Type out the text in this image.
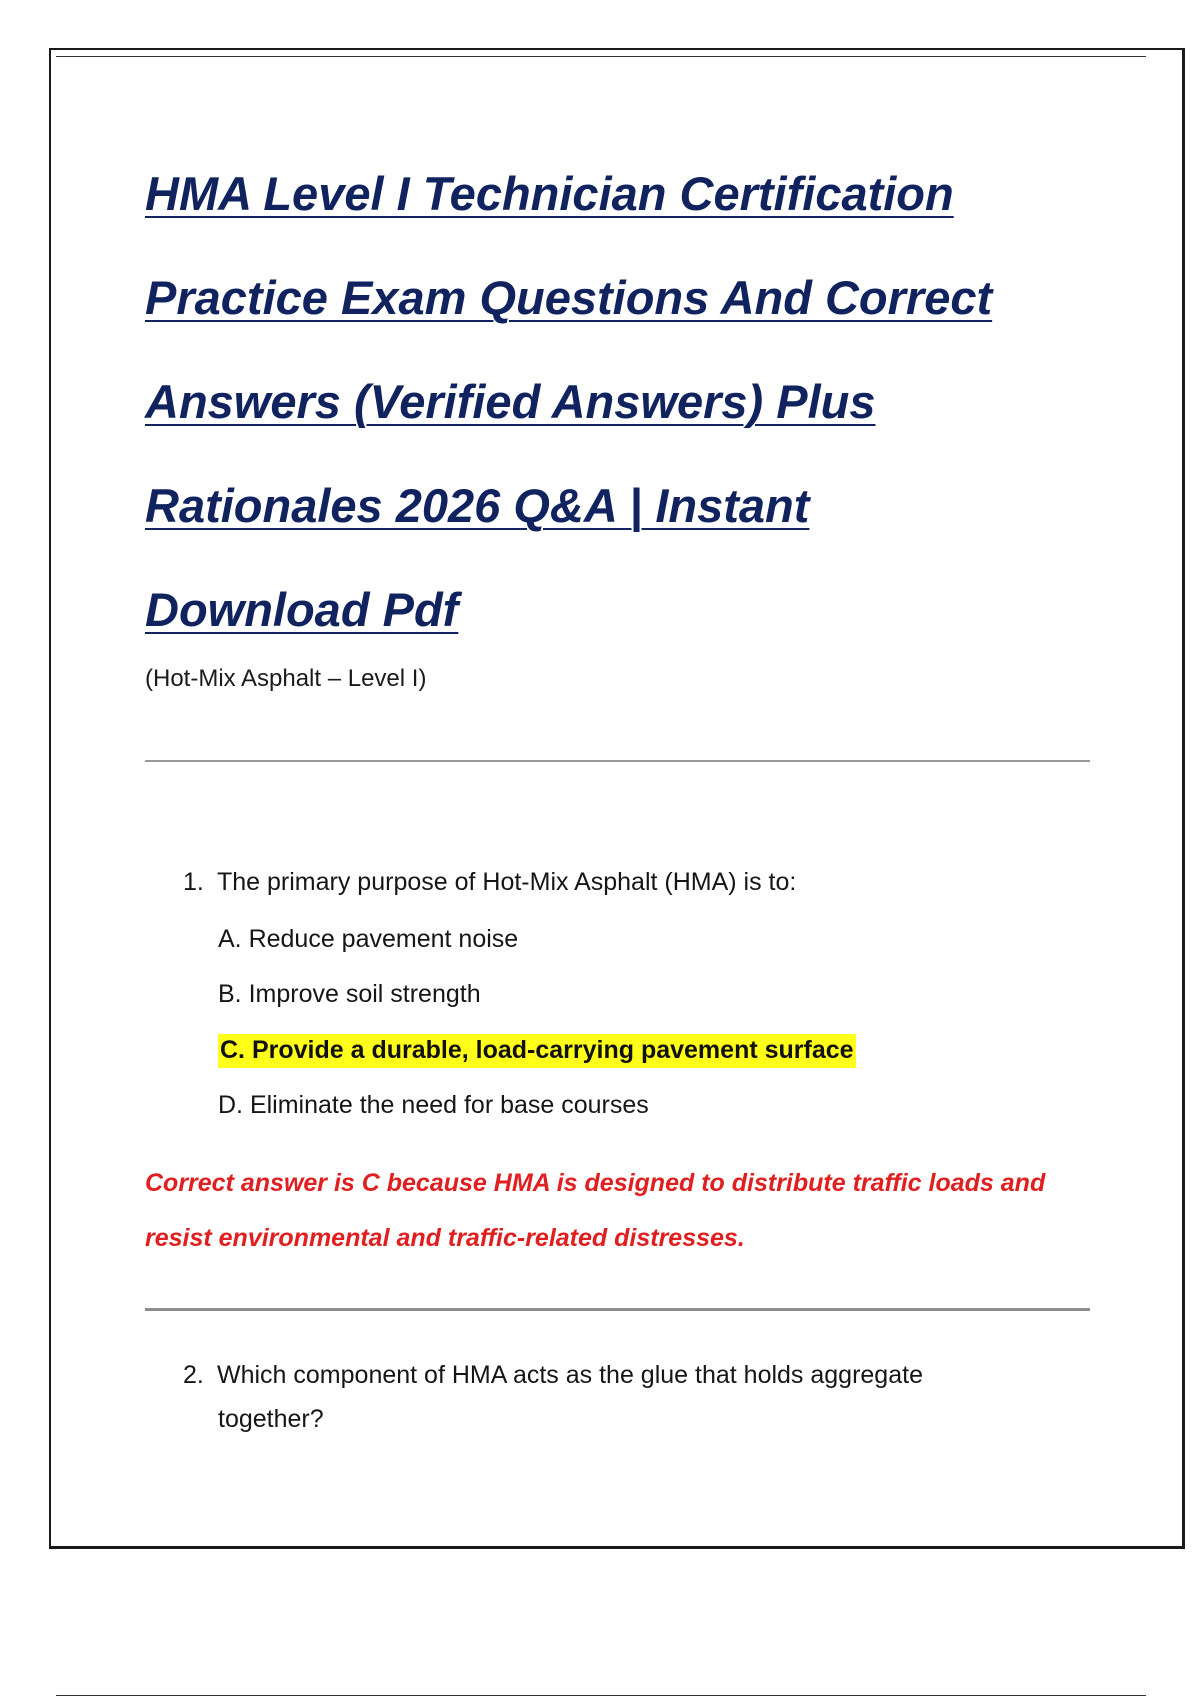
HMA Level I Technician Certification
Practice Exam Questions And Correct
Answers (Verified Answers) Plus
Rationales 2026 Q&A | Instant
Download Pdf
(Hot-Mix Asphalt – Level I)
1. The primary purpose of Hot-Mix Asphalt (HMA) is to:
A. Reduce pavement noise
B. Improve soil strength
C. Provide a durable, load-carrying pavement surface
D. Eliminate the need for base courses
Correct answer is C because HMA is designed to distribute traffic loads and resist environmental and traffic-related distresses.
2. Which component of HMA acts as the glue that holds aggregate
together?
